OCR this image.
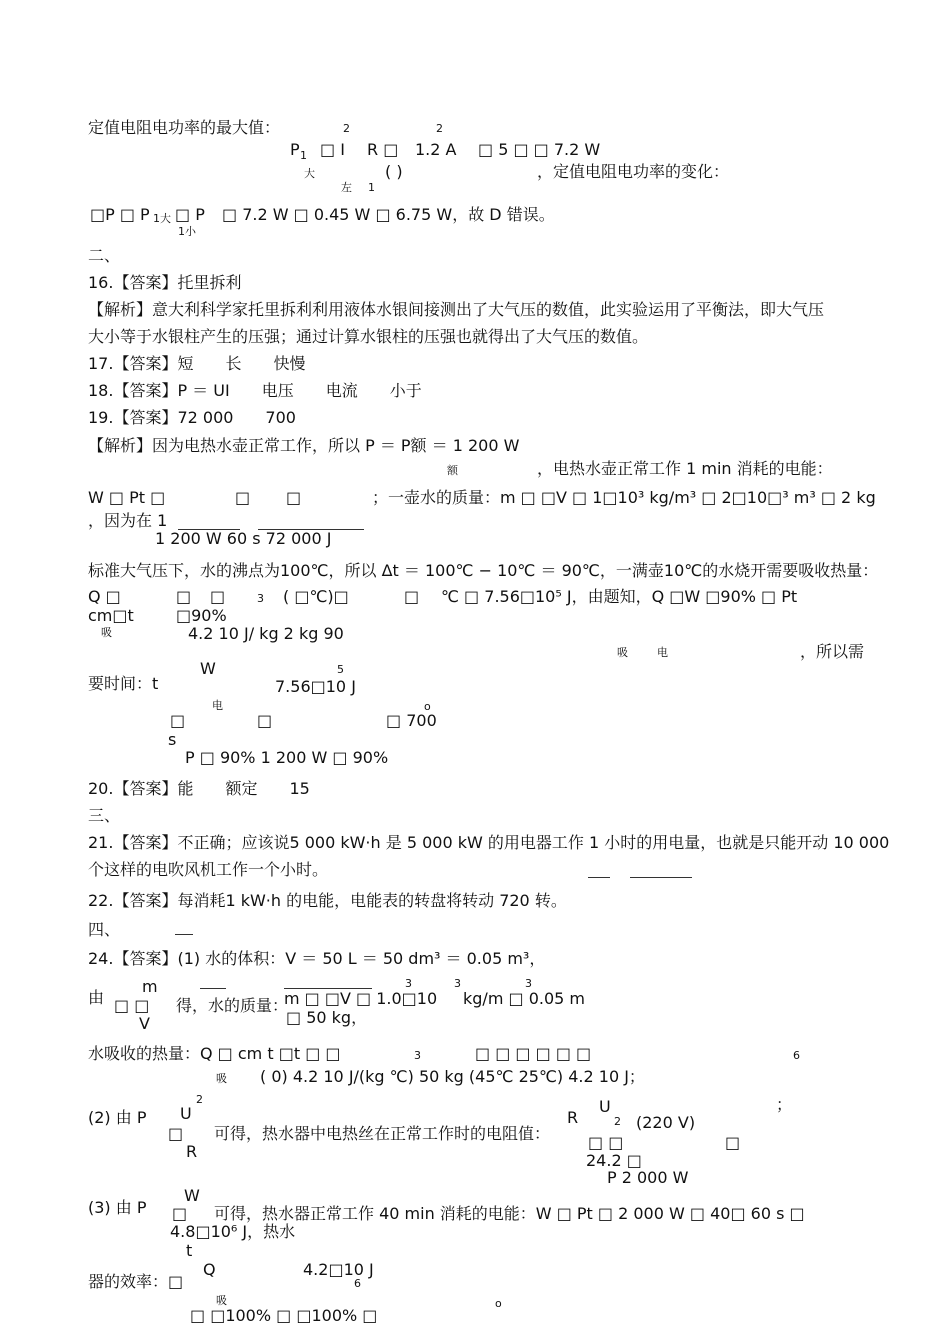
定值电阻电功率的最大值：	2	2
P 1 □ I R □ 1.2 A □ 5 □ □ 7.2 W
大	( )	，定值电阻电功率的变化：
左 1
□P □ P 1大 □ P □ 7.2 W □ 0.45 W □ 6.75 W，故 D 错误。
1小
二、
16.【答案】托里拆利
【解析】意大利科学家托里拆利利用液体水银间接测出了大气压的数值，此实验运用了平衡法，即大气压
大小等于水银柱产生的压强；通过计算水银柱的压强也就得出了大气压的数值。
17.【答案】短　　长　　快慢
18.【答案】P ＝ UI　　电压　　电流　　小于
19.【答案】72 000　　700
【解析】因为电热水壶正常工作，所以 P ＝ P额 ＝ 1 200 W
额	，电热水壶正常工作 1 min 消耗的电能：
W □ Pt □	□ □	；一壶水的质量：m □ □V □ 1□10³ kg/m³ □ 2□10□³ m³ □ 2 kg
，因为在 1
1 200 W 60 s 72 000 J
标准大气压下，水的沸点为100℃，所以 Δt ＝ 100℃ − 10℃ ＝ 90℃，一满壶10℃的水烧开需要吸收热量：
Q □	□ □	3 ( □℃)□	□ ℃ □ 7.56□10⁵ J，由题知，Q □W □90% □ Pt
cm□t	□90%
吸	4.2 10 J/ kg 2 kg 90
吸	电	，所以需
W	5
要时间：t	7.56□10 J
电	o
□	□	□ 700
s
P □ 90% 1 200 W □ 90%
20.【答案】能　　额定　　15
三、
21.【答案】不正确；应该说5 000 kW·h 是 5 000 kW 的用电器工作 1 小时的用电量，也就是只能开动 10 000
个这样的电吹风机工作一个小时。
22.【答案】每消耗1 kW·h 的电能，电能表的转盘将转动 720 转。
四、
24.【答案】(1) 水的体积：V ＝ 50 L ＝ 50 dm³ ＝ 0.05 m³，
m	3	3	3
由 □ □ 得，水的质量：
m □ □V □ 1.0□10 kg/m □ 0.05 m
□ 50 kg，
V
水吸收的热量：Q □ cm t □t □ □	3	□ □ □ □ □ □	6
吸 ( 0) 4.2 10 J/(kg ℃) 50 kg (45℃ 25℃) 4.2 10 J；
2	U	；
(2) 由 P U	R	2 (220 V)
□ 可得，热水器中电热丝在正常工作时的电阻值： □ □	□
R	24.2 □
P 2 000 W
W
(3) 由 P □ 可得，热水器正常工作 40 min 消耗的电能：W □ Pt □ 2 000 W □ 40□ 60 s □
4.8□10⁶ J，热水
t
Q	4.2□10 J
器的效率：□	6
吸	o
□ □100% □ □100% □
